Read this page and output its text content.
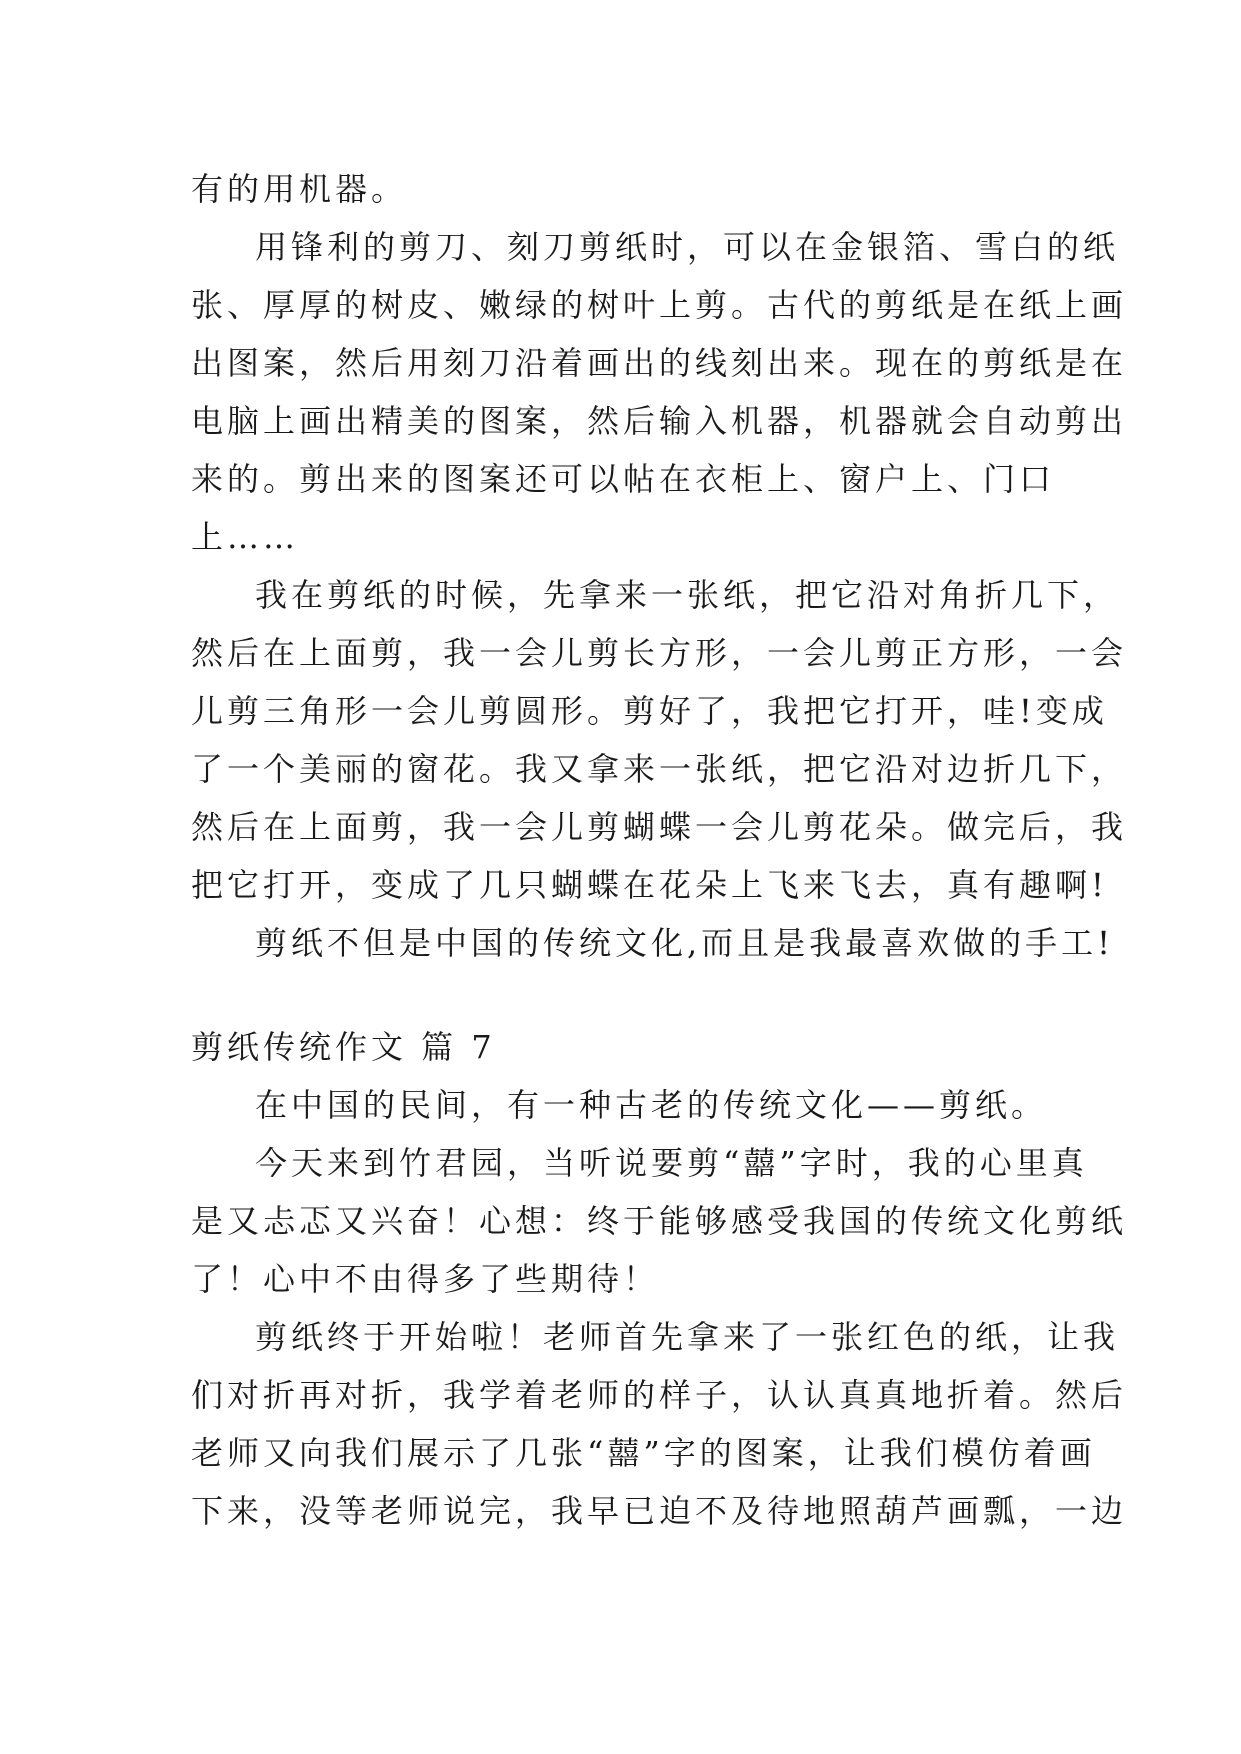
有的用机器。
用锋利的剪刀、刻刀剪纸时，可以在金银箔、雪白的纸
张、厚厚的树皮、嫩绿的树叶上剪。古代的剪纸是在纸上画
出图案，然后用刻刀沿着画出的线刻出来。现在的剪纸是在
电脑上画出精美的图案，然后输入机器，机器就会自动剪出
来的。剪出来的图案还可以帖在衣柜上、窗户上、门口
上……
我在剪纸的时候，先拿来一张纸，把它沿对角折几下，
然后在上面剪，我一会儿剪长方形，一会儿剪正方形，一会
儿剪三角形一会儿剪圆形。剪好了，我把它打开，哇!变成
了一个美丽的窗花。我又拿来一张纸，把它沿对边折几下，
然后在上面剪，我一会儿剪蝴蝶一会儿剪花朵。做完后，我
把它打开，变成了几只蝴蝶在花朵上飞来飞去，真有趣啊!
剪纸不但是中国的传统文化,而且是我最喜欢做的手工!
剪纸传统作文 篇 7
在中国的民间，有一种古老的传统文化——剪纸。
今天来到竹君园，当听说要剪“囍”字时，我的心里真
是又忐忑又兴奋！心想：终于能够感受我国的传统文化剪纸
了！心中不由得多了些期待！
剪纸终于开始啦！老师首先拿来了一张红色的纸，让我
们对折再对折，我学着老师的样子，认认真真地折着。然后
老师又向我们展示了几张“囍”字的图案，让我们模仿着画
下来，没等老师说完，我早已迫不及待地照葫芦画瓢，一边
